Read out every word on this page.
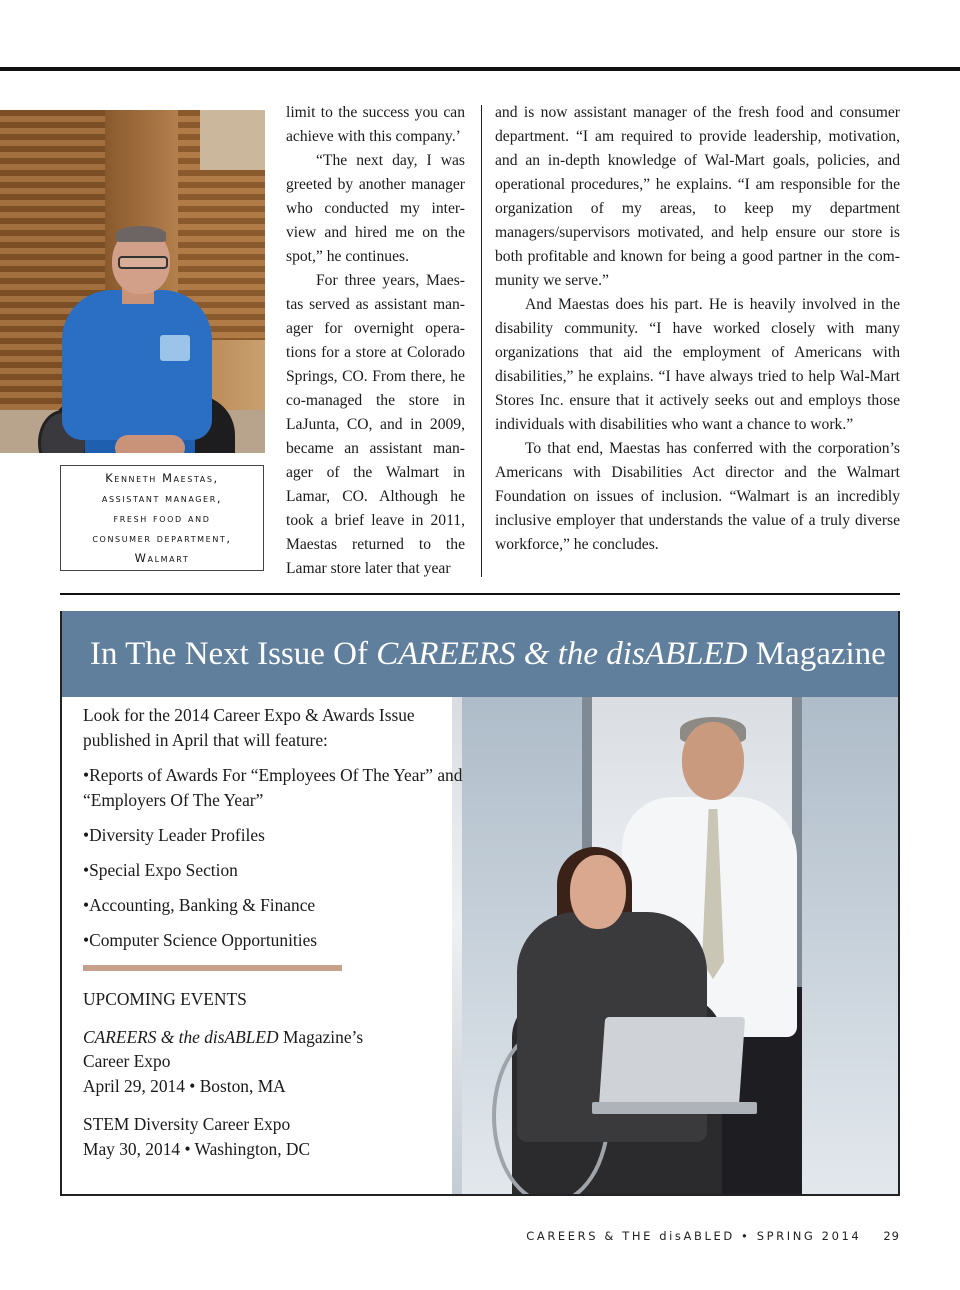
Kenneth Maestas,
assistant manager,
fresh food and
consumer department,
Walmart

limit to the success you can achieve with this company.’

“The next day, I was greeted by another manager who conducted my inter-view and hired me on the spot,” he continues.

For three years, Maes-tas served as assistant man-ager for overnight opera-tions for a store at Colorado Springs, CO. From there, he co-managed the store in LaJunta, CO, and in 2009, became an assistant man-ager of the Walmart in Lamar, CO. Although he took a brief leave in 2011, Maestas returned to the Lamar store later that year

and is now assistant manager of the fresh food and consumer department. “I am required to provide leadership, motivation, and an in-depth knowledge of Wal-Mart goals, policies, and operational procedures,” he explains. “I am responsible for the organization of my areas, to keep my department managers/supervisors motivated, and help ensure our store is both profitable and known for being a good partner in the com-munity we serve.”

And Maestas does his part. He is heavily involved in the disability community. “I have worked closely with many organizations that aid the employment of Americans with disabilities,” he explains. “I have always tried to help Wal-Mart Stores Inc. ensure that it actively seeks out and employs those individuals with disabilities who want a chance to work.”

To that end, Maestas has conferred with the corporation’s Americans with Disabilities Act director and the Walmart Foundation on issues of inclusion. “Walmart is an incredibly inclusive employer that understands the value of a truly diverse workforce,” he concludes.

In The Next Issue Of
CAREERS & the disABLED
Magazine

Look for the 2014 Career Expo & Awards Issue published in April that will feature:

• Reports of Awards For “Employees Of The Year” and “Employers Of The Year”

• Diversity Leader Profiles

• Special Expo Section

• Accounting, Banking & Finance

• Computer Science Opportunities

UPCOMING EVENTS

CAREERS & the disABLED Magazine’s

Career Expo

April 29, 2014 • Boston, MA

STEM Diversity Career Expo

May 30, 2014 • Washington, DC

CAREERS & THE disABLED • SPRING 2014 29
